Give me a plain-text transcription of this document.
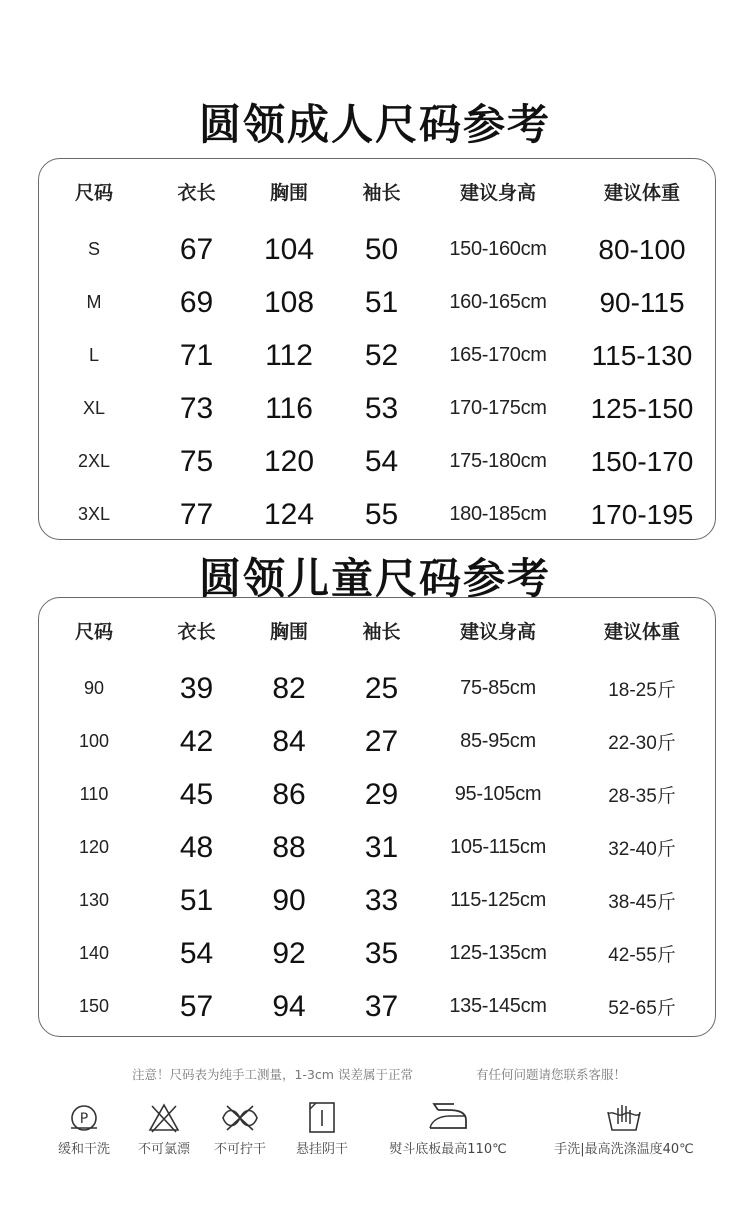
圆领成人尺码参考
尺码	衣长	胸围	袖长	建议身高	建议体重
S	67	104	50	150-160cm	80-100
M	69	108	51	160-165cm	90-115
L	71	112	52	165-170cm	115-130
XL	73	116	53	170-175cm	125-150
2XL	75	120	54	175-180cm	150-170
3XL	77	124	55	180-185cm	170-195
圆领儿童尺码参考
尺码	衣长	胸围	袖长	建议身高	建议体重
90	39	82	25	75-85cm	18-25斤
100	42	84	27	85-95cm	22-30斤
110	45	86	29	95-105cm	28-35斤
120	48	88	31	105-115cm	32-40斤
130	51	90	33	115-125cm	38-45斤
140	54	92	35	125-135cm	42-55斤
150	57	94	37	135-145cm	52-65斤
注意！尺码表为纯手工测量，1-3cm 误差属于正常	有任何问题请您联系客服！
P
缓和干洗	不可氯漂	不可拧干	悬挂阴干	熨斗底板最高110℃	手洗|最高洗涤温度40℃
